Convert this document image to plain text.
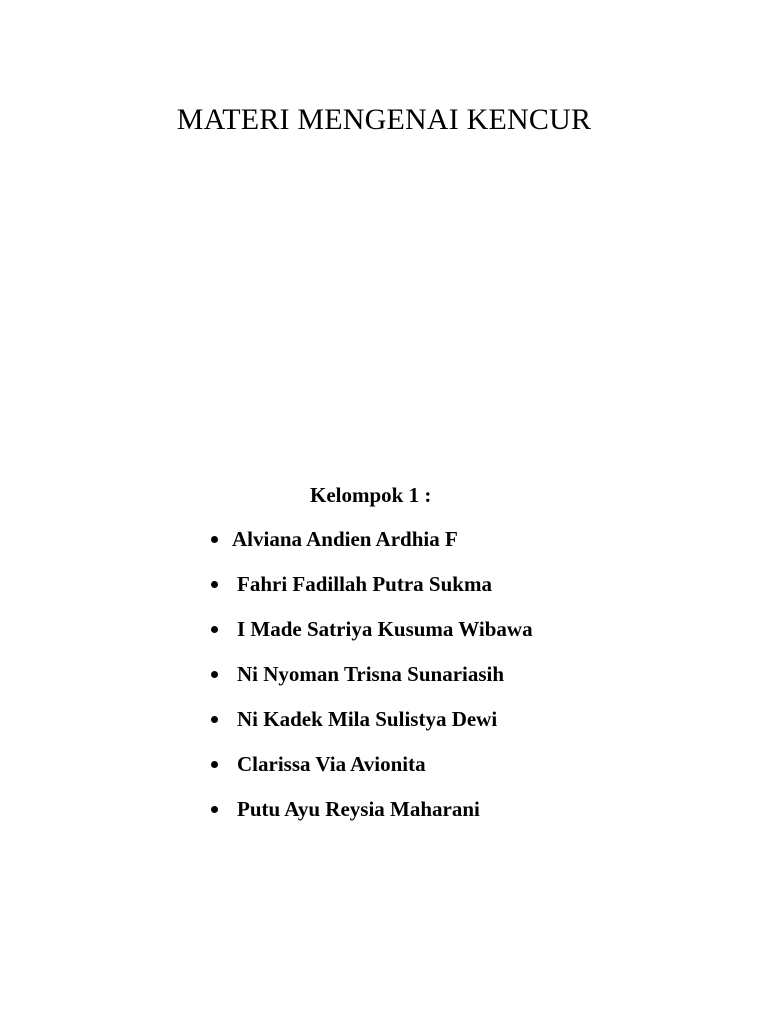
MATERI MENGENAI KENCUR

Kelompok 1 :

Alviana Andien Ardhia F
Fahri Fadillah Putra Sukma
I Made Satriya Kusuma Wibawa
Ni Nyoman Trisna Sunariasih
Ni Kadek Mila Sulistya Dewi
Clarissa Via Avionita
Putu Ayu Reysia Maharani
